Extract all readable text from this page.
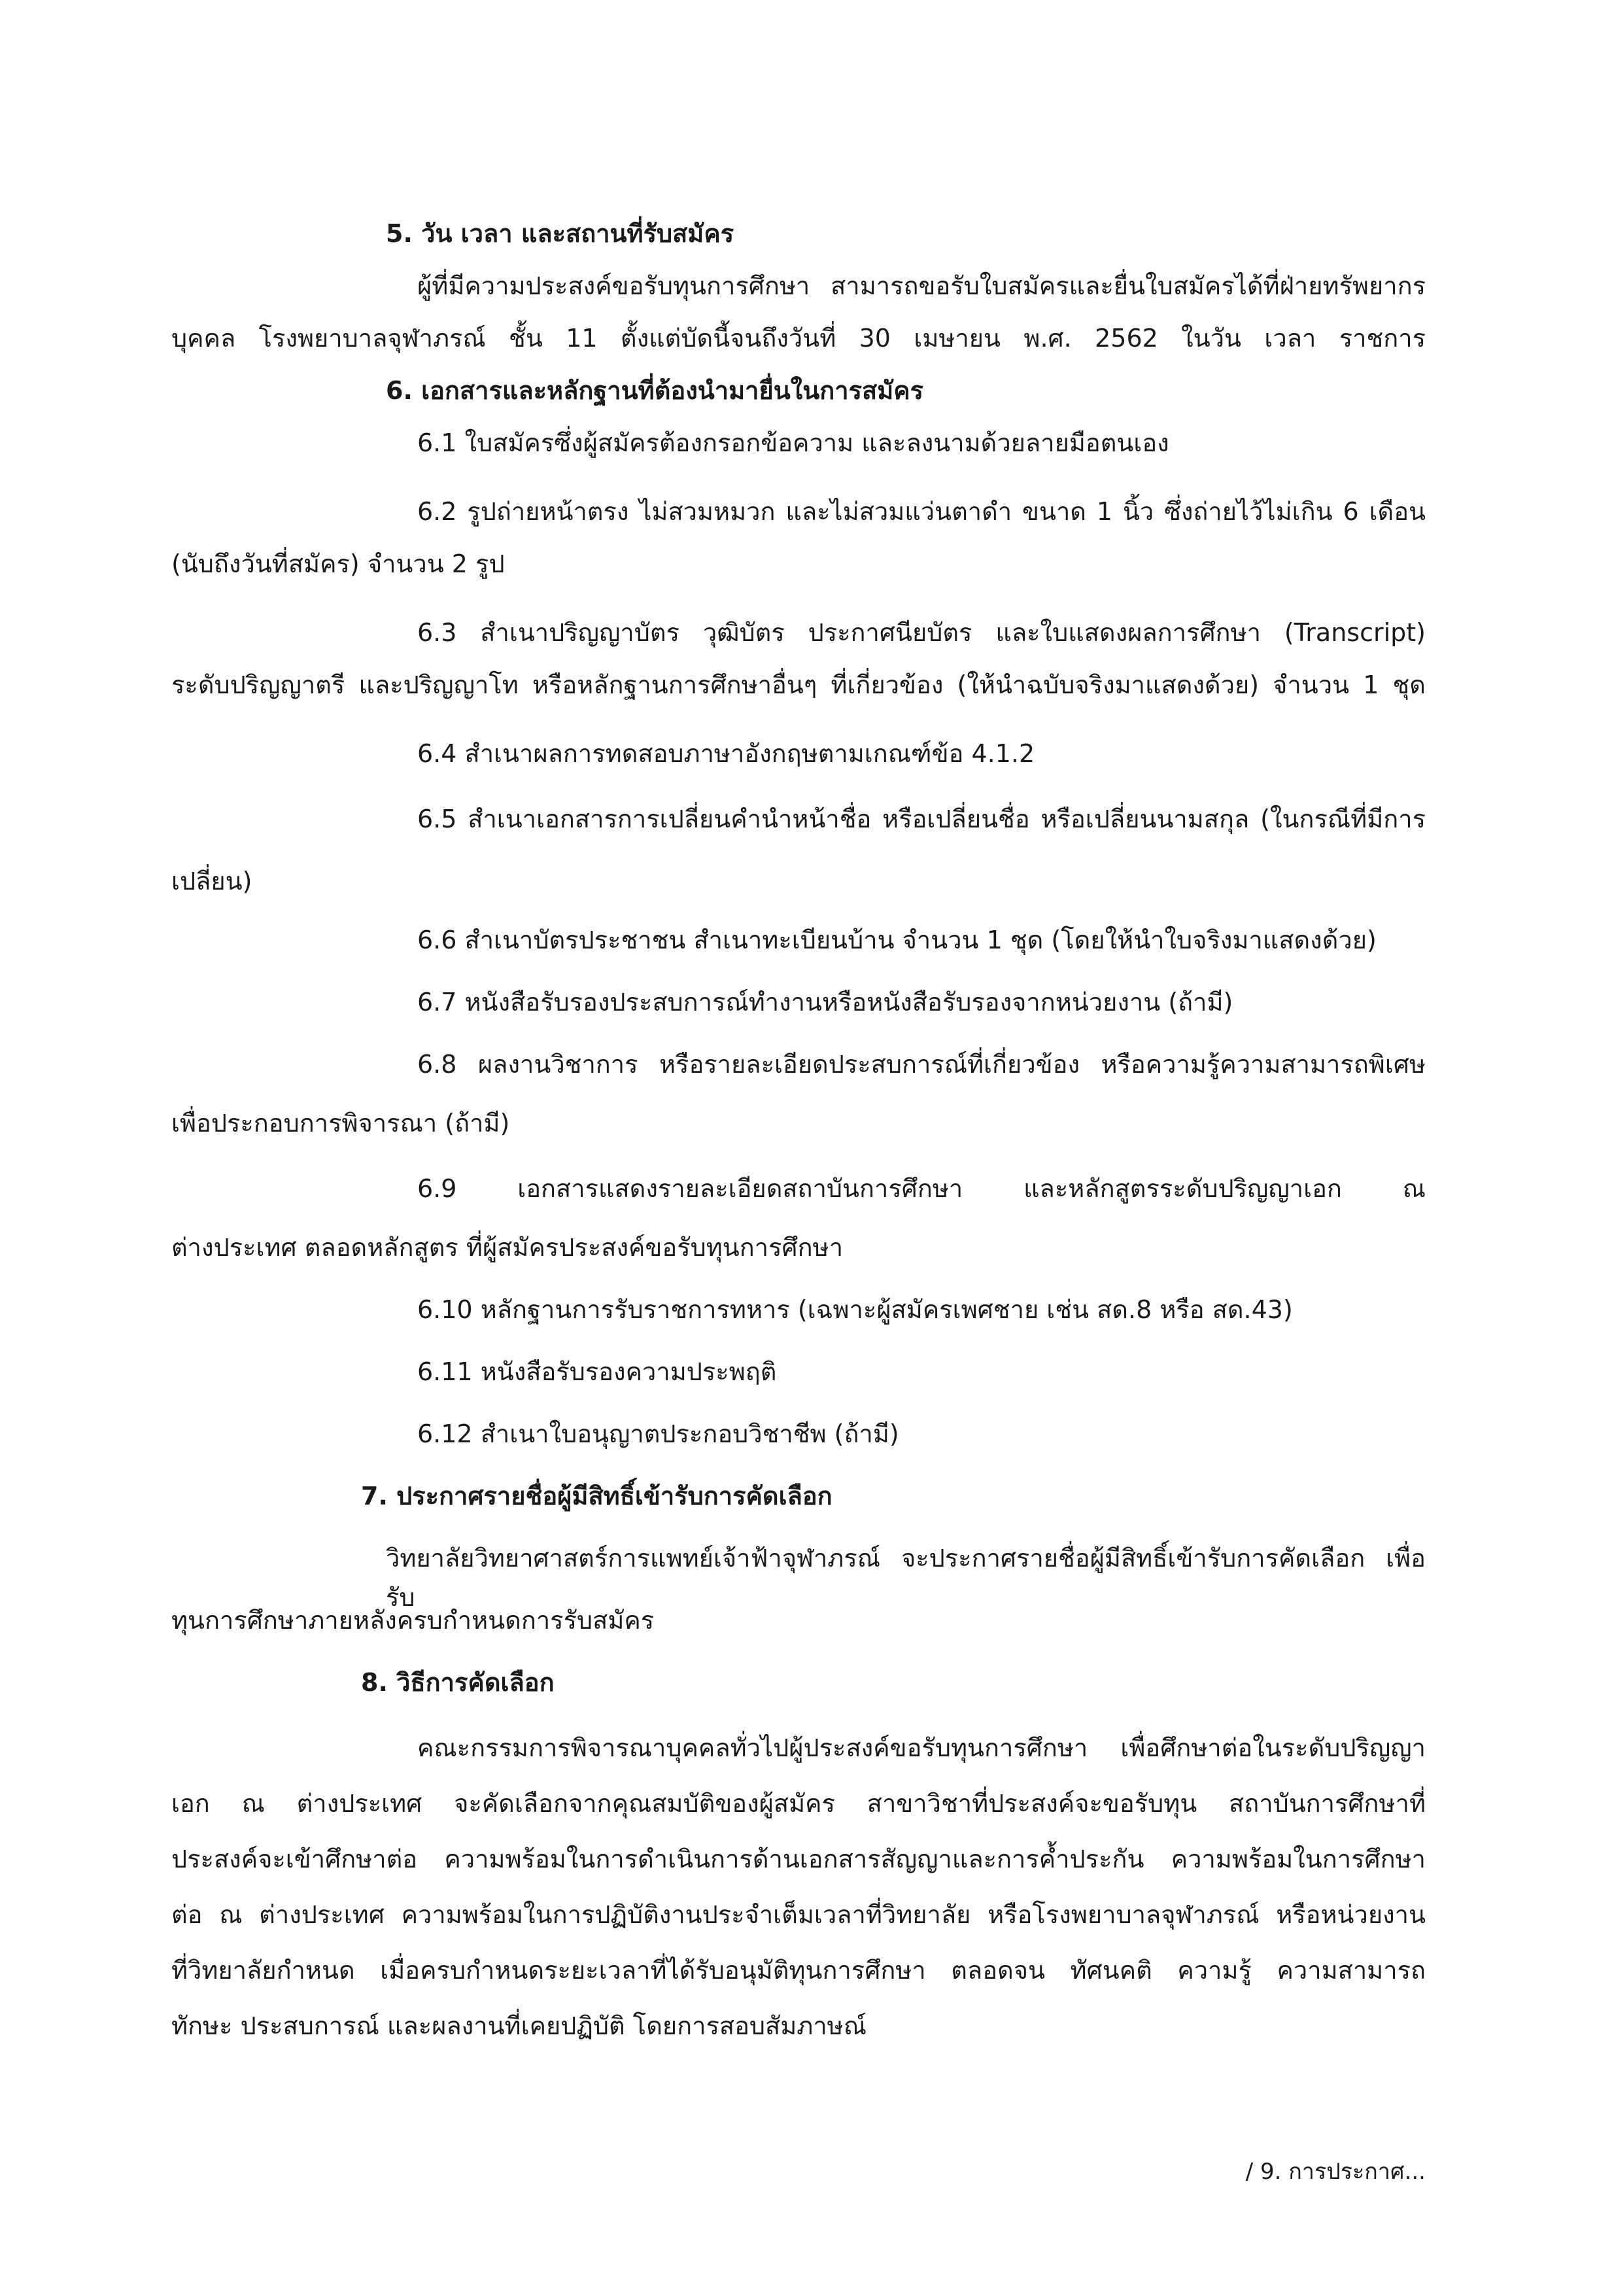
5. วัน เวลา และสถานที่รับสมัคร
ผู้ที่มีความประสงค์ขอรับทุนการศึกษา สามารถขอรับใบสมัครและยื่นใบสมัครได้ที่ฝ่ายทรัพยากร
บุคคล โรงพยาบาลจุฬาภรณ์ ชั้น 11 ตั้งแต่บัดนี้จนถึงวันที่ 30 เมษายน พ.ศ. 2562 ในวัน เวลา ราชการ
6. เอกสารและหลักฐานที่ต้องนำมายื่นในการสมัคร
6.1 ใบสมัครซึ่งผู้สมัครต้องกรอกข้อความ และลงนามด้วยลายมือตนเอง
6.2 รูปถ่ายหน้าตรง ไม่สวมหมวก และไม่สวมแว่นตาดำ ขนาด 1 นิ้ว ซึ่งถ่ายไว้ไม่เกิน 6 เดือน
(นับถึงวันที่สมัคร) จำนวน 2 รูป
6.3 สำเนาปริญญาบัตร วุฒิบัตร ประกาศนียบัตร และใบแสดงผลการศึกษา (Transcript)
ระดับปริญญาตรี และปริญญาโท หรือหลักฐานการศึกษาอื่นๆ ที่เกี่ยวข้อง (ให้นำฉบับจริงมาแสดงด้วย) จำนวน 1 ชุด
6.4 สำเนาผลการทดสอบภาษาอังกฤษตามเกณฑ์ข้อ 4.1.2
6.5 สำเนาเอกสารการเปลี่ยนคำนำหน้าชื่อ หรือเปลี่ยนชื่อ หรือเปลี่ยนนามสกุล (ในกรณีที่มีการ
เปลี่ยน)
6.6 สำเนาบัตรประชาชน สำเนาทะเบียนบ้าน จำนวน 1 ชุด (โดยให้นำใบจริงมาแสดงด้วย)
6.7 หนังสือรับรองประสบการณ์ทำงานหรือหนังสือรับรองจากหน่วยงาน (ถ้ามี)
6.8 ผลงานวิชาการ หรือรายละเอียดประสบการณ์ที่เกี่ยวข้อง หรือความรู้ความสามารถพิเศษ
เพื่อประกอบการพิจารณา (ถ้ามี)
6.9 เอกสารแสดงรายละเอียดสถาบันการศึกษา และหลักสูตรระดับปริญญาเอก ณ
ต่างประเทศ ตลอดหลักสูตร ที่ผู้สมัครประสงค์ขอรับทุนการศึกษา
6.10 หลักฐานการรับราชการทหาร (เฉพาะผู้สมัครเพศชาย เช่น สด.8 หรือ สด.43)
6.11 หนังสือรับรองความประพฤติ
6.12 สำเนาใบอนุญาตประกอบวิชาชีพ (ถ้ามี)
7. ประกาศรายชื่อผู้มีสิทธิ์เข้ารับการคัดเลือก
วิทยาลัยวิทยาศาสตร์การแพทย์เจ้าฟ้าจุฬาภรณ์ จะประกาศรายชื่อผู้มีสิทธิ์เข้ารับการคัดเลือก เพื่อรับ
ทุนการศึกษาภายหลังครบกำหนดการรับสมัคร
8. วิธีการคัดเลือก
คณะกรรมการพิจารณาบุคคลทั่วไปผู้ประสงค์ขอรับทุนการศึกษา เพื่อศึกษาต่อในระดับปริญญา
เอก ณ ต่างประเทศ จะคัดเลือกจากคุณสมบัติของผู้สมัคร สาขาวิชาที่ประสงค์จะขอรับทุน สถาบันการศึกษาที่
ประสงค์จะเข้าศึกษาต่อ ความพร้อมในการดำเนินการด้านเอกสารสัญญาและการค้ำประกัน ความพร้อมในการศึกษา
ต่อ ณ ต่างประเทศ ความพร้อมในการปฏิบัติงานประจำเต็มเวลาที่วิทยาลัย หรือโรงพยาบาลจุฬาภรณ์ หรือหน่วยงาน
ที่วิทยาลัยกำหนด เมื่อครบกำหนดระยะเวลาที่ได้รับอนุมัติทุนการศึกษา ตลอดจน ทัศนคติ ความรู้ ความสามารถ
ทักษะ ประสบการณ์ และผลงานที่เคยปฏิบัติ โดยการสอบสัมภาษณ์
/ 9. การประกาศ...
